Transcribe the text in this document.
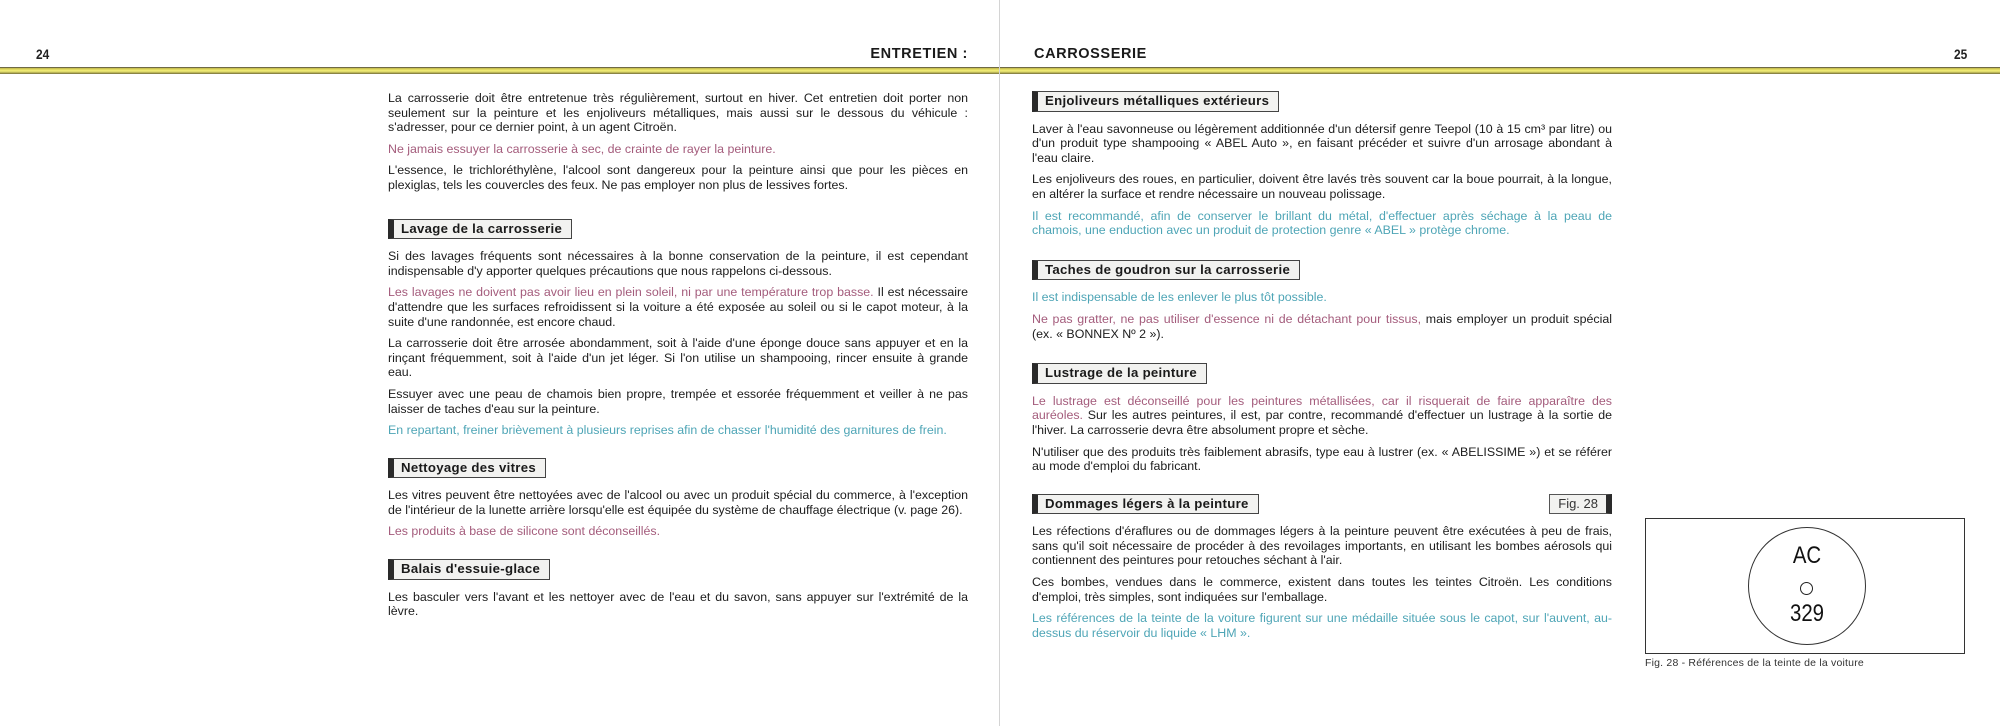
24	ENTRETIEN :

La carrosserie doit être entretenue très régulièrement, surtout en hiver. Cet entretien doit porter non seulement sur la peinture et les enjoliveurs métalliques, mais aussi sur le dessous du véhicule : s'adresser, pour ce dernier point, à un agent Citroën.

Ne jamais essuyer la carrosserie à sec, de crainte de rayer la peinture.

L'essence, le trichloréthylène, l'alcool sont dangereux pour la peinture ainsi que pour les pièces en plexiglas, tels les couvercles des feux. Ne pas employer non plus de lessives fortes.

Lavage de la carrosserie

Si des lavages fréquents sont nécessaires à la bonne conservation de la peinture, il est cependant indispensable d'y apporter quelques précautions que nous rappelons ci-dessous.

Les lavages ne doivent pas avoir lieu en plein soleil, ni par une température trop basse. Il est nécessaire d'attendre que les surfaces refroidissent si la voiture a été exposée au soleil ou si le capot moteur, à la suite d'une randonnée, est encore chaud.

La carrosserie doit être arrosée abondamment, soit à l'aide d'une éponge douce sans appuyer et en la rinçant fréquemment, soit à l'aide d'un jet léger. Si l'on utilise un shampooing, rincer ensuite à grande eau.

Essuyer avec une peau de chamois bien propre, trempée et essorée fréquemment et veiller à ne pas laisser de taches d'eau sur la peinture.

En repartant, freiner brièvement à plusieurs reprises afin de chasser l'humidité des garnitures de frein.

Nettoyage des vitres

Les vitres peuvent être nettoyées avec de l'alcool ou avec un produit spécial du commerce, à l'exception de l'intérieur de la lunette arrière lorsqu'elle est équipée du système de chauffage électrique (v. page 26).

Les produits à base de silicone sont déconseillés.

Balais d'essuie-glace

Les basculer vers l'avant et les nettoyer avec de l'eau et du savon, sans appuyer sur l'extrémité de la lèvre.

CARROSSERIE	25
Enjoliveurs métalliques extérieurs

Laver à l'eau savonneuse ou légèrement additionnée d'un détersif genre Teepol (10 à 15 cm³ par litre) ou d'un produit type shampooing « ABEL Auto », en faisant précéder et suivre d'un arrosage abondant à l'eau claire.

Les enjoliveurs des roues, en particulier, doivent être lavés très souvent car la boue pourrait, à la longue, en altérer la surface et rendre nécessaire un nouveau polissage.

Il est recommandé, afin de conserver le brillant du métal, d'effectuer après séchage à la peau de chamois, une enduction avec un produit de protection genre « ABEL » protège chrome.

Taches de goudron sur la carrosserie

Il est indispensable de les enlever le plus tôt possible.

Ne pas gratter, ne pas utiliser d'essence ni de détachant pour tissus, mais employer un produit spécial (ex. « BONNEX Nº 2 »).

Lustrage de la peinture

Le lustrage est déconseillé pour les peintures métallisées, car il risquerait de faire apparaître des auréoles. Sur les autres peintures, il est, par contre, recommandé d'effectuer un lustrage à la sortie de l'hiver. La carrosserie devra être absolument propre et sèche.

N'utiliser que des produits très faiblement abrasifs, type eau à lustrer (ex. « ABELISSIME ») et se référer au mode d'emploi du fabricant.

Dommages légers à la peinture	Fig. 28

Les réfections d'éraflures ou de dommages légers à la peinture peuvent être exécutées à peu de frais, sans qu'il soit nécessaire de procéder à des revoilages importants, en utilisant les bombes aérosols qui contiennent des peintures pour retouches séchant à l'air.

Ces bombes, vendues dans le commerce, existent dans toutes les teintes Citroën. Les conditions d'emploi, très simples, sont indiquées sur l'emballage.

Les références de la teinte de la voiture figurent sur une médaille située sous le capot, sur l'auvent, au-dessus du réservoir du liquide « LHM ».

AC
329
Fig. 28 - Références de la teinte de la voiture
